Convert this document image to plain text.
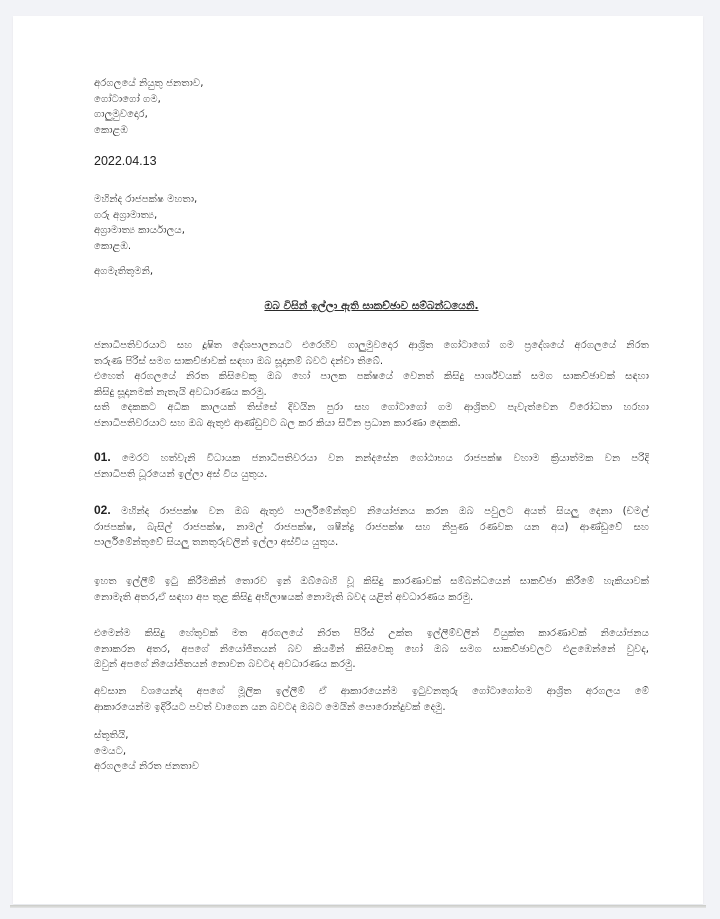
අරගලයේ නියුතු ජනතාව,
ගෝටාගෝ ගම,
ගාලුමුවදොර,
කොළඹ
2022.04.13
මහින්ද රාජපක්ෂ මහතා,
ගරු අග්‍රාමාත්‍ය,
අග්‍රාමාත්‍ය කාර්යාලය,
කොළඹ.
අගමැතිතුමනි,
ඔබ විසින් ඉල්ලා ඇති සාකච්ඡාව සම්බන්ධයෙනි.
ජනාධිපතිවරයාට සහ දූෂිත දේශපාලනයට එරෙහිව ගාලුමුවදොර ආශ්‍රිත ගෝටාගෝ ගම ප්‍රදේශයේ අරගලයේ නිරත
තරුණ පිරිස් සමග සාකච්ඡාවක් සඳහා ඔබ සූදානම් බවට දන්වා තිබේ.
එහෙත් අරගලයේ නිරත කිසිවෙකු ඔබ හෝ පාලක පක්ෂයේ වෙනත් කිසිදු පාර්ශ්වයක් සමග සාකච්ඡාවක් සඳහා
කිසිදු සූදානමක් නැතැයි අවධාරණය කරමු.
සති දෙකකට අධික කාලයක් තිස්සේ දිවයින පුරා සහ ගෝටාගෝ ගම ආශ්‍රිතව පැවැත්වෙන විරෝධතා හරහා
ජනාධිපතිවරයාට සහ ඔබ ඇතුළු ආණ්ඩුවට බල කර කියා සිටින ප්‍රධාන කාරණා දෙකකි.
01. මෙරට හත්වැනි විධායක ජනාධිපතිවරයා වන නන්දසේන ගෝඨාභය රාජපක්ෂ වහාම ක්‍රියාත්මක වන පරිදි
ජනාධිපති ධූරයෙන් ඉල්ලා අස් විය යුතුය.
02. මහින්ද රාජපක්ෂ වන ඔබ ඇතුළු පාර්ලිමේන්තුව නියෝජනය කරන ඔබ පවුලට අයත් සියලු දෙනා (චමල්
රාජපක්ෂ, බැසිල් රාජපක්ෂ, නාමල් රාජපක්ෂ, ශෂීන්ද්‍ර රාජපක්ෂ සහ නිපුණ රණවක යන අය) ආණ්ඩුවේ සහ
පාර්ලිමේන්තුවේ සියලු තනතුරුවලින් ඉල්ලා අස්විය යුතුය.
ඉහත ඉල්ලීම් ඉටු කිරීමකින් තොරව ඉන් ඔබ්බෙහි වූ කිසිදු කාරණාවක් සම්බන්ධයෙන් සාකච්ඡා කිරීමේ හැකියාවක්
නොමැති අතර,ඒ සඳහා අප තුළ කිසිදු අභිලාෂයක් නොමැති බවද යළිත් අවධාරණය කරමු.
එමෙන්ම කිසිදු හේතුවක් මත අරගලයේ නිරත පිරිස් උක්ත ඉල්ලීම්වලින් වියුක්ත කාරණාවක් නියෝජනය
නොකරන අතර, අපගේ නියෝජිතයන් බව කියමින් කිසිවෙකු හෝ ඔබ සමග සාකච්ඡාවලට එළඹෙන්නේ වුවද,
ඔවුන් අපගේ නියෝජිතයන් නොවන බවටද අවධාරණය කරමු.
අවසාන වශයෙන්ද අපගේ මූලික ඉල්ලීම් ඒ ආකාරයෙන්ම ඉටුවනතුරු ගෝටාගෝගම ආශ්‍රිත අරගලය මේ
ආකාරයෙන්ම ඉදිරියට පවත් වාගෙන යන බවටද ඔබට මෙයින් පොරොන්දුවක් දෙමු.
ස්තූතියි,
මෙයට,
අරගලයේ නිරත ජනතාව
